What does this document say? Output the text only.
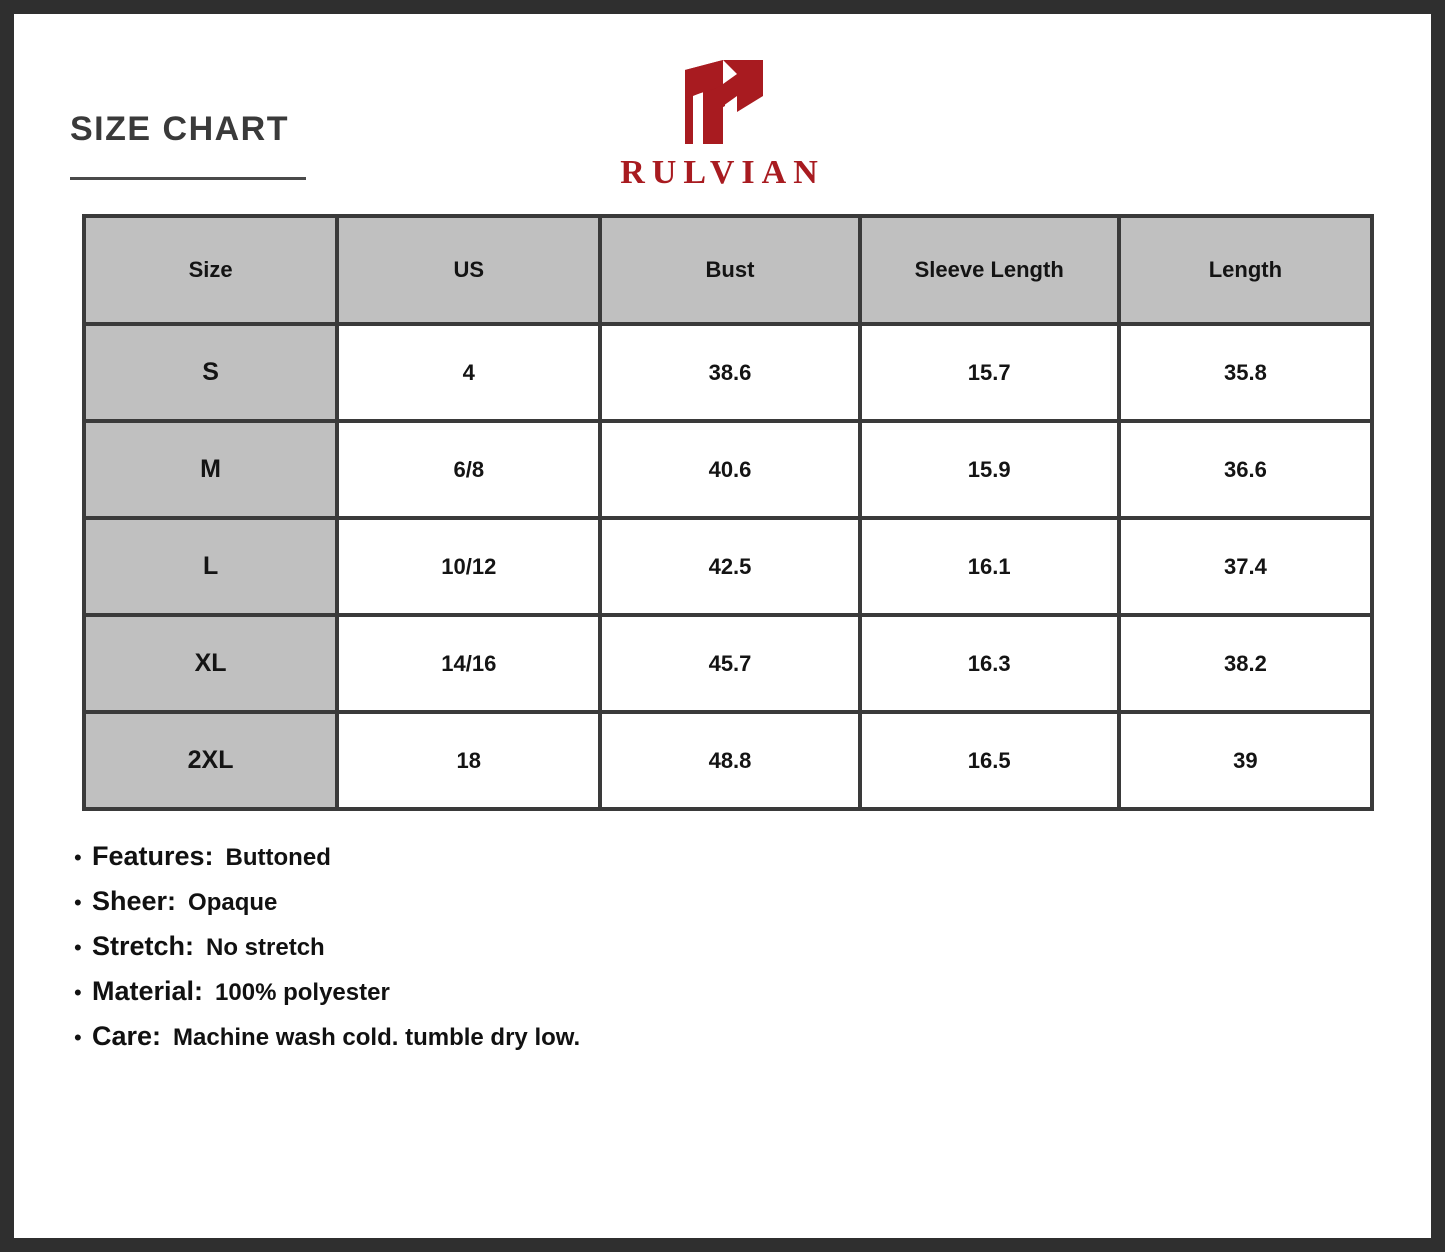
SIZE CHART
RULVIAN
Size	US	Bust	Sleeve Length	Length
S	4	38.6	15.7	35.8
M	6/8	40.6	15.9	36.6
L	10/12	42.5	16.1	37.4
XL	14/16	45.7	16.3	38.2
2XL	18	48.8	16.5	39
• Features: Buttoned
• Sheer: Opaque
• Stretch: No stretch
• Material: 100% polyester
• Care: Machine wash cold. tumble dry low.
